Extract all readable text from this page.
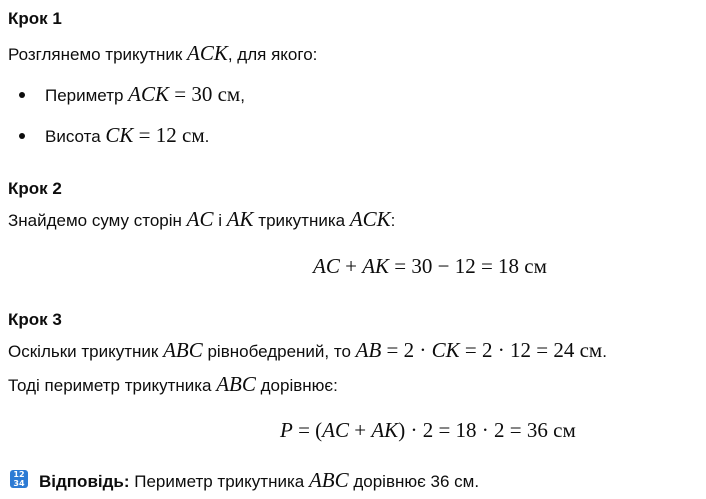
Крок 1
Розглянемо трикутник ACK, для якого:
Периметр ACK = 30 см,
Висота CK = 12 см.
Крок 2
Знайдемо суму сторін AC і AK трикутника ACK:
AC + AK = 30 − 12 = 18 см
Крок 3
Оскільки трикутник ABC рівнобедрений, то AB = 2 · CK = 2 · 12 = 24 см.
Тоді периметр трикутника ABC дорівнює:
P = (AC + AK) · 2 = 18 · 2 = 36 см
12
34 Відповідь: Периметр трикутника ABC дорівнює 36 см.
